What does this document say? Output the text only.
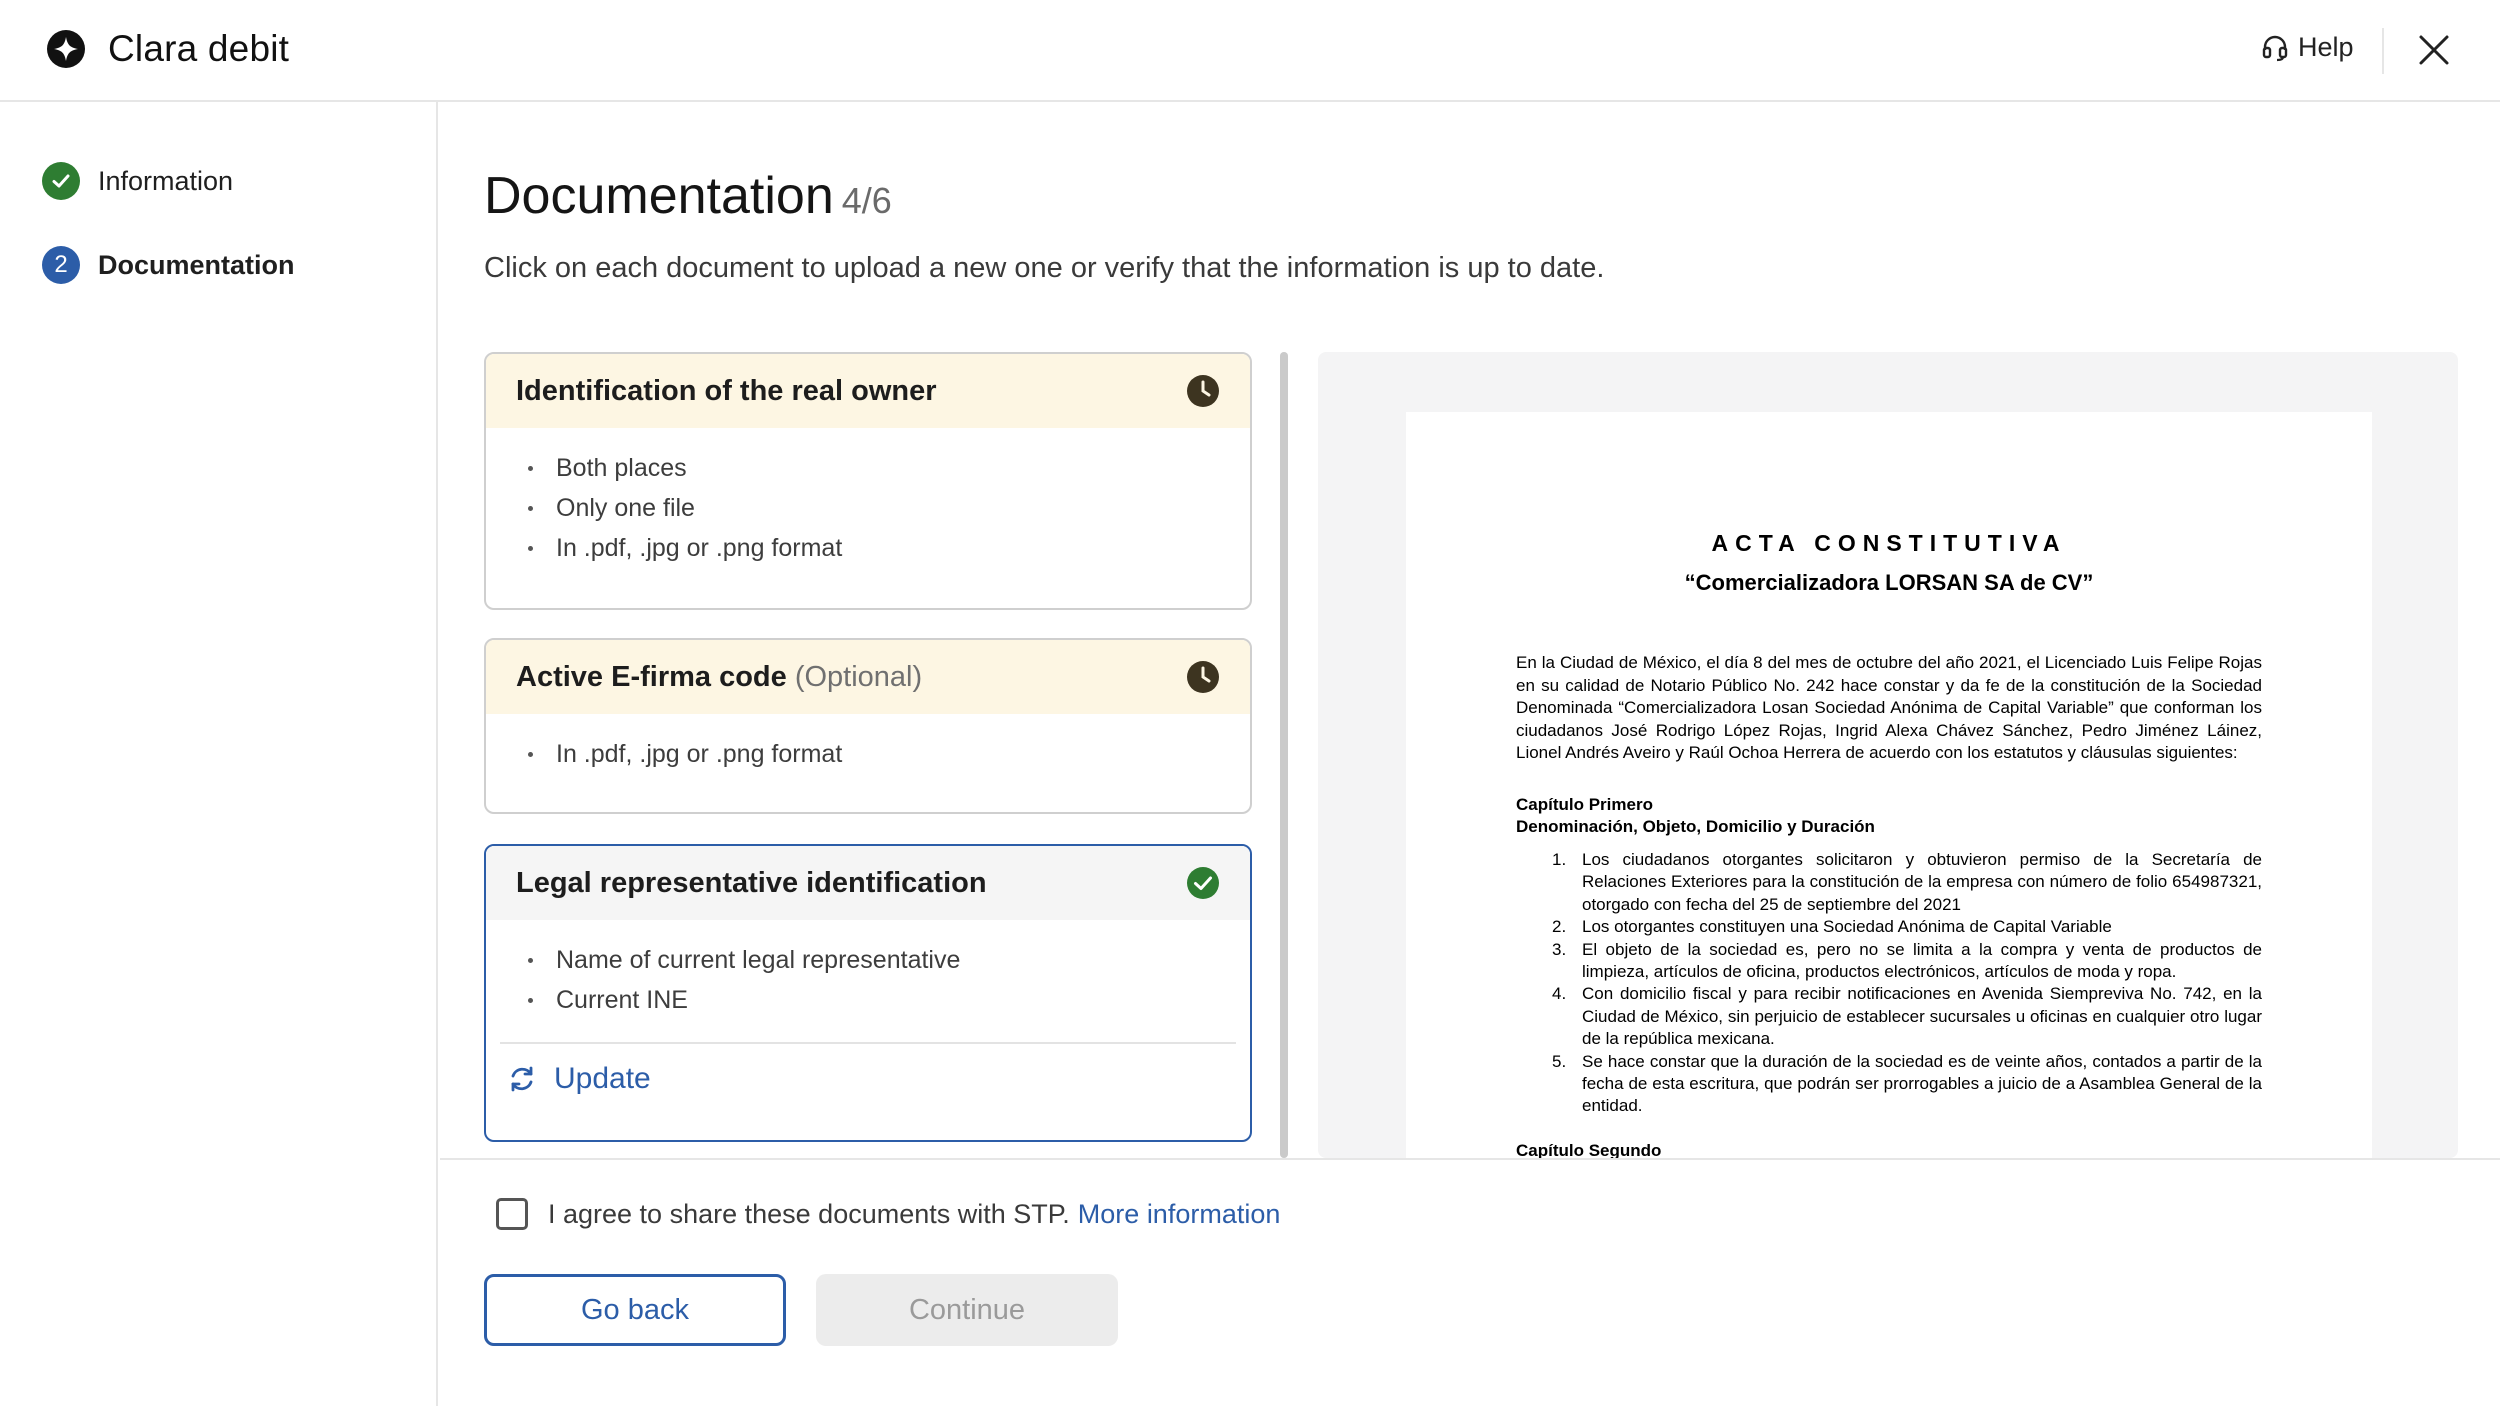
Clara debit	Help
Information
2	Documentation
Documentation 4/6

Click on each document to upload a new one or verify that the information is up to date.

Identification of the real owner
Both places
Only one file
In .pdf, .jpg or .png format
Active E-firma code (Optional)
In .pdf, .jpg or .png format
Legal representative identification
Name of current legal representative
Current INE
Update
ACTA CONSTITUTIVA
“Comercializadora LORSAN SA de CV”

En la Ciudad de México, el día 8 del mes de octubre del año 2021, el Licenciado Luis Felipe Rojas en su calidad de Notario Público No. 242 hace constar y da fe de la constitución de la Sociedad Denominada “Comercializadora Losan Sociedad Anónima de Capital Variable” que conforman los ciudadanos José Rodrigo López Rojas, Ingrid Alexa Chávez Sánchez, Pedro Jiménez Láinez, Lionel Andrés Aveiro y Raúl Ochoa Herrera de acuerdo con los estatutos y cláusulas siguientes:

Capítulo Primero
Denominación, Objeto, Domicilio y Duración
1. Los ciudadanos otorgantes solicitaron y obtuvieron permiso de la Secretaría de Relaciones Exteriores para la constitución de la empresa con número de folio 654987321, otorgado con fecha del 25 de septiembre del 2021
2. Los otorgantes constituyen una Sociedad Anónima de Capital Variable
3. El objeto de la sociedad es, pero no se limita a la compra y venta de productos de limpieza, artículos de oficina, productos electrónicos, artículos de moda y ropa.
4. Con domicilio fiscal y para recibir notificaciones en Avenida Siempreviva No. 742, en la Ciudad de México, sin perjuicio de establecer sucursales u oficinas en cualquier otro lugar de la república mexicana.
5. Se hace constar que la duración de la sociedad es de veinte años, contados a partir de la fecha de esta escritura, que podrán ser prorrogables a juicio de a Asamblea General de la entidad.
Capítulo Segundo
I agree to share these documents with STP. More information
Go back	Continue
